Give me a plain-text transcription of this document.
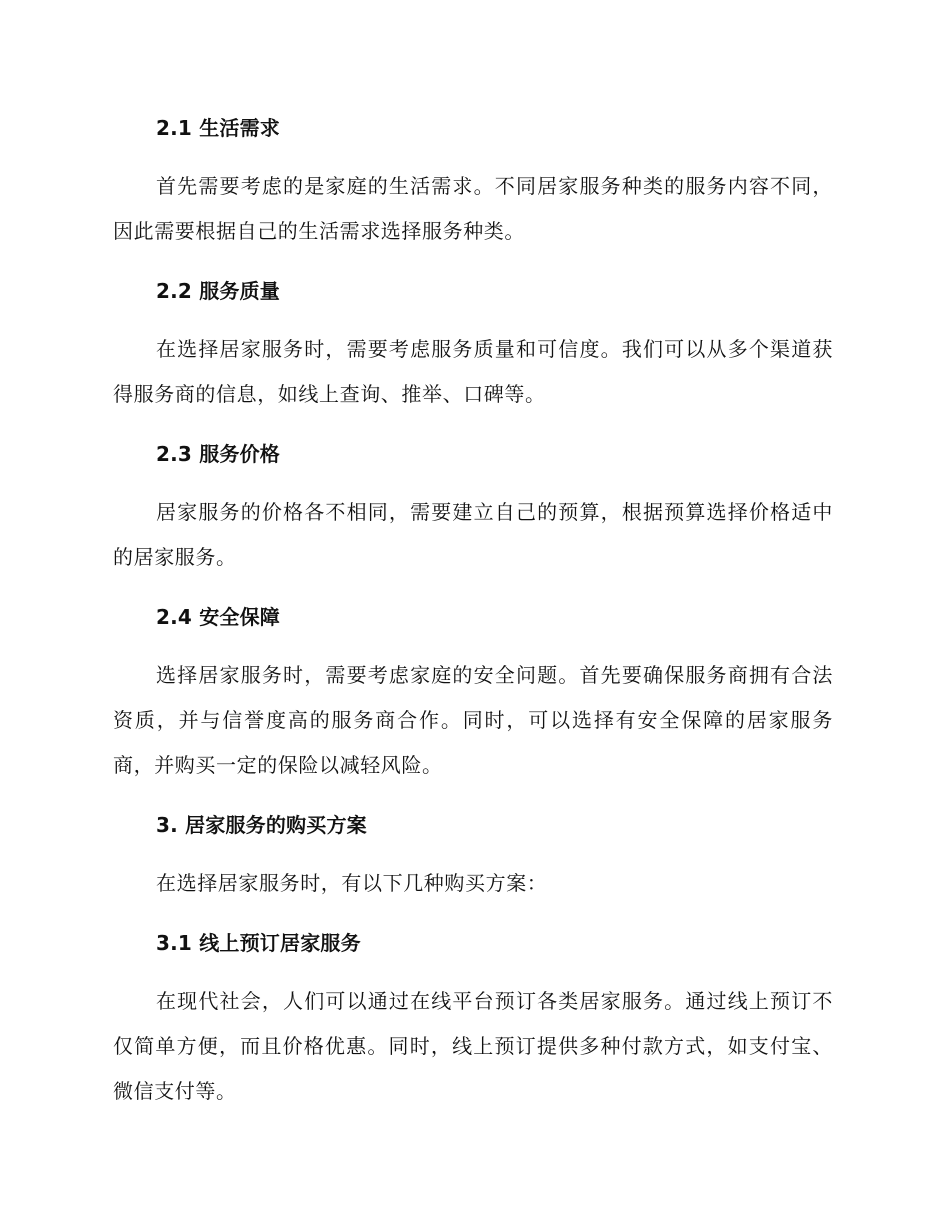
2.1 生活需求

首先需要考虑的是家庭的生活需求。不同居家服务种类的服务内容不同，因此需要根据自己的生活需求选择服务种类。

2.2 服务质量

在选择居家服务时，需要考虑服务质量和可信度。我们可以从多个渠道获得服务商的信息，如线上查询、推举、口碑等。

2.3 服务价格

居家服务的价格各不相同，需要建立自己的预算，根据预算选择价格适中的居家服务。

2.4 安全保障

选择居家服务时，需要考虑家庭的安全问题。首先要确保服务商拥有合法资质，并与信誉度高的服务商合作。同时，可以选择有安全保障的居家服务商，并购买一定的保险以减轻风险。

3. 居家服务的购买方案

在选择居家服务时，有以下几种购买方案：

3.1 线上预订居家服务

在现代社会，人们可以通过在线平台预订各类居家服务。通过线上预订不仅简单方便，而且价格优惠。同时，线上预订提供多种付款方式，如支付宝、微信支付等。
